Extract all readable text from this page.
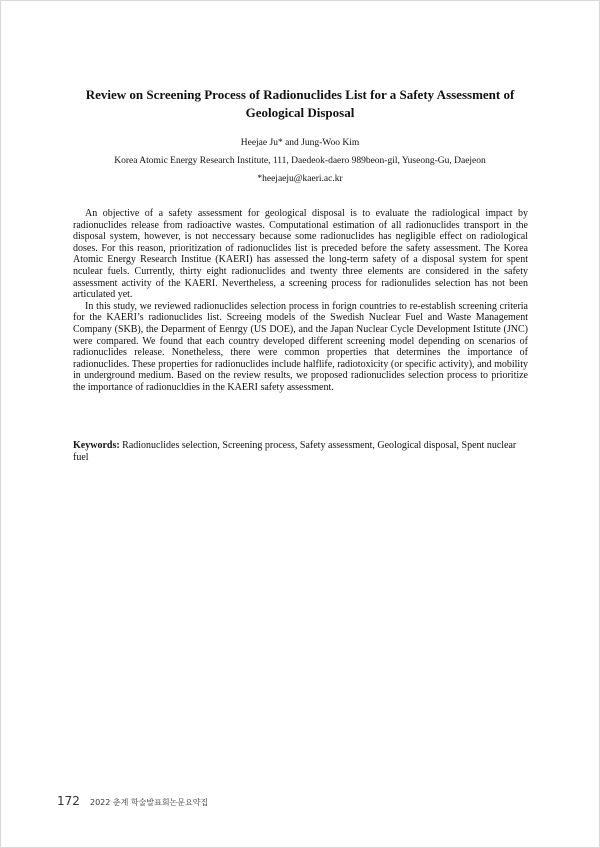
Review on Screening Process of Radionuclides List for a Safety Assessment of Geological Disposal
Heejae Ju* and Jung-Woo Kim
Korea Atomic Energy Research Institute, 111, Daedeok-daero 989beon-gil, Yuseong-Gu, Daejeon
*heejaeju@kaeri.ac.kr

An objective of a safety assessment for geological disposal is to evaluate the radiological impact by radionuclides release from radioactive wastes. Computational estimation of all radionuclides transport in the disposal system, however, is not neccessary because some radionuclides has negligible effect on radiological doses. For this reason, prioritization of radionuclides list is preceded before the safety assessment. The Korea Atomic Energy Research Institue (KAERI) has assessed the long-term safety of a disposal system for spent nculear fuels. Currently, thirty eight radionuclides and twenty three elements are considered in the safety assessment activity of the KAERI. Nevertheless, a screening process for radionulides selection has not been articulated yet.

In this study, we reviewed radionuclides selection process in forign countries to re-establish screening criteria for the KAERI’s radionuclides list. Screeing models of the Swedish Nuclear Fuel and Waste Management Company (SKB), the Deparment of Eenrgy (US DOE), and the Japan Nuclear Cycle Development Istitute (JNC) were compared. We found that each country developed different screening model depending on scenarios of radionuclides release. Nonetheless, there were common properties that determines the importance of radionuclides. These properties for radionuclides include halflife, radiotoxicity (or specific activity), and mobility in underground medium. Based on the review results, we proposed radionuclides selection process to prioritize the importance of radionucldies in the KAERI safety assessment.

Keywords: Radionuclides selection, Screening process, Safety assessment, Geological disposal, Spent nuclear fuel
172 2022 춘계 학술발표회논문요약집
